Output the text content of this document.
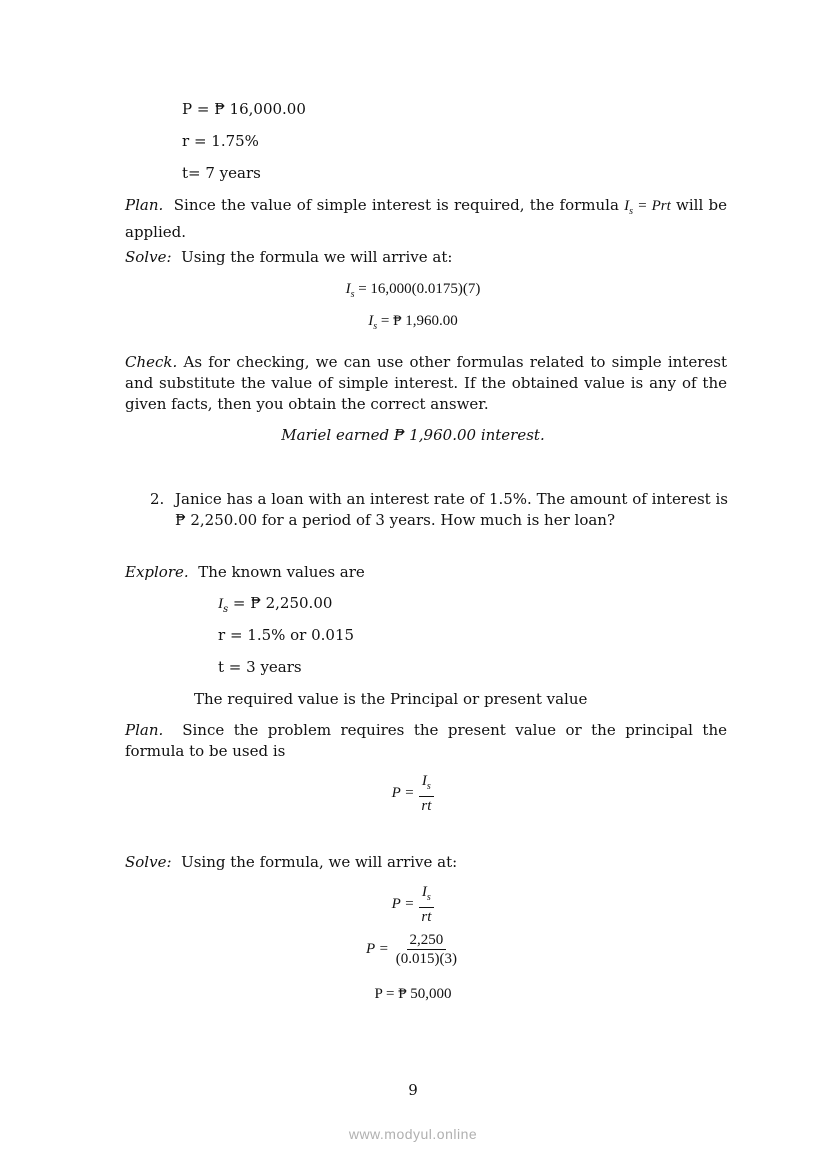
P = ₱ 16,000.00
r = 1.75%
t= 7 years
Plan. Since the value of simple interest is required, the formula $I_s$ = Prt will be applied.
Solve: Using the formula we will arrive at:
$I_s = 16,000(0.0175)(7)$
$I_s$ = ₱ 1,960.00
Check. As for checking, we can use other formulas related to simple interest and substitute the value of simple interest. If the obtained value is any of the given facts, then you obtain the correct answer.
Mariel earned ₱ 1,960.00 interest.
2. Janice has a loan with an interest rate of 1.5%. The amount of interest is
₱ 2,250.00 for a period of 3 years. How much is her loan?
Explore. The known values are
$I_s$ = ₱ 2,250.00
r = 1.5% or 0.015
t = 3 years
The required value is the Principal or present value
Plan. Since the problem requires the present value or the principal the formula to be used is
$P = \frac{I_s}{rt}$
Solve: Using the formula, we will arrive at:
$P = \frac{I_s}{rt}$
$P = \frac{2,250}{(0.015)(3)}$
P = ₱ 50,000
9
www.modyul.online
